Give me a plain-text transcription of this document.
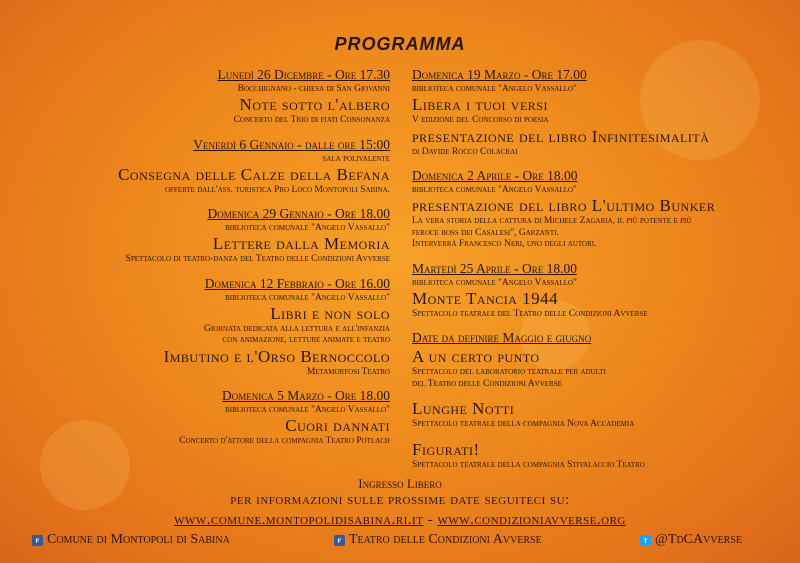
PROGRAMMA
Lunedì 26 Dicembre - Ore 17.30
Bocchignano - chiesa di San Giovanni
Note sotto l'albero
Concerto del Trio di fiati Consonanza
Venerdì 6 Gennaio - dalle ore 15:00
sala polivalente
Consegna delle Calze della Befana
offerte dall'ass. turistica Pro Loco Montopoli Sabina.
Domenica 29 Gennaio - Ore 18.00
biblioteca comunale "Angelo Vassallo"
Lettere dalla Memoria
Spettacolo di teatro-danza del Teatro delle Condizioni Avverse
Domenica 12 Febbraio - Ore 16.00
biblioteca comunale "Angelo Vassallo"
Libri e non solo
Giornata dedicata alla lettura e all'infanzia
con animazione, letture animate e teatro
Imbutino e l'Orso Bernoccolo
Metamorfosi Teatro
Domenica 5 Marzo - Ore 18.00
biblioteca comunale "Angelo Vassallo"
Cuori dannati
Concerto d'attore della compagnia Teatro Potlach
Domenica 19 Marzo - Ore 17.00
biblioteca comunale "Angelo Vassallo"
Libera i tuoi versi
V edizione del Concorso di poesia
presentazione del libro Infinitesimalità
di Davide Rocco Colacrai
Domenica 2 Aprile - Ore 18.00
biblioteca comunale "Angelo Vassallo"
presentazione del libro L'ultimo Bunker
La vera storia della cattura di Michele Zagaria, il più potente e più
feroce boss dei Casalesi", Garzanti.
Interverrà Francesco Neri, uno degli autori.
Martedì 25 Aprile - Ore 18.00
biblioteca comunale "Angelo Vassallo"
Monte Tancia 1944
Spettacolo teatrale del Teatro delle Condizioni Avverse
Date da definire Maggio e giugno
A un certo punto
Spettacolo del laboratorio teatrale per adulti
del Teatro delle Condizioni Avverse
Lunghe Notti
Spettacolo teatrale della compagnia Nova Accademia
Figurati!
Spettacolo teatrale della compagnia Stivalaccio Teatro
Ingresso Libero
per informazioni sulle prossime date seguiteci su:
www.comune.montopolidisabina.ri.it - www.condizioniavverse.org
f Comune di Montopoli di Sabina	f Teatro delle Condizioni Avverse	t @TdCAvverse
